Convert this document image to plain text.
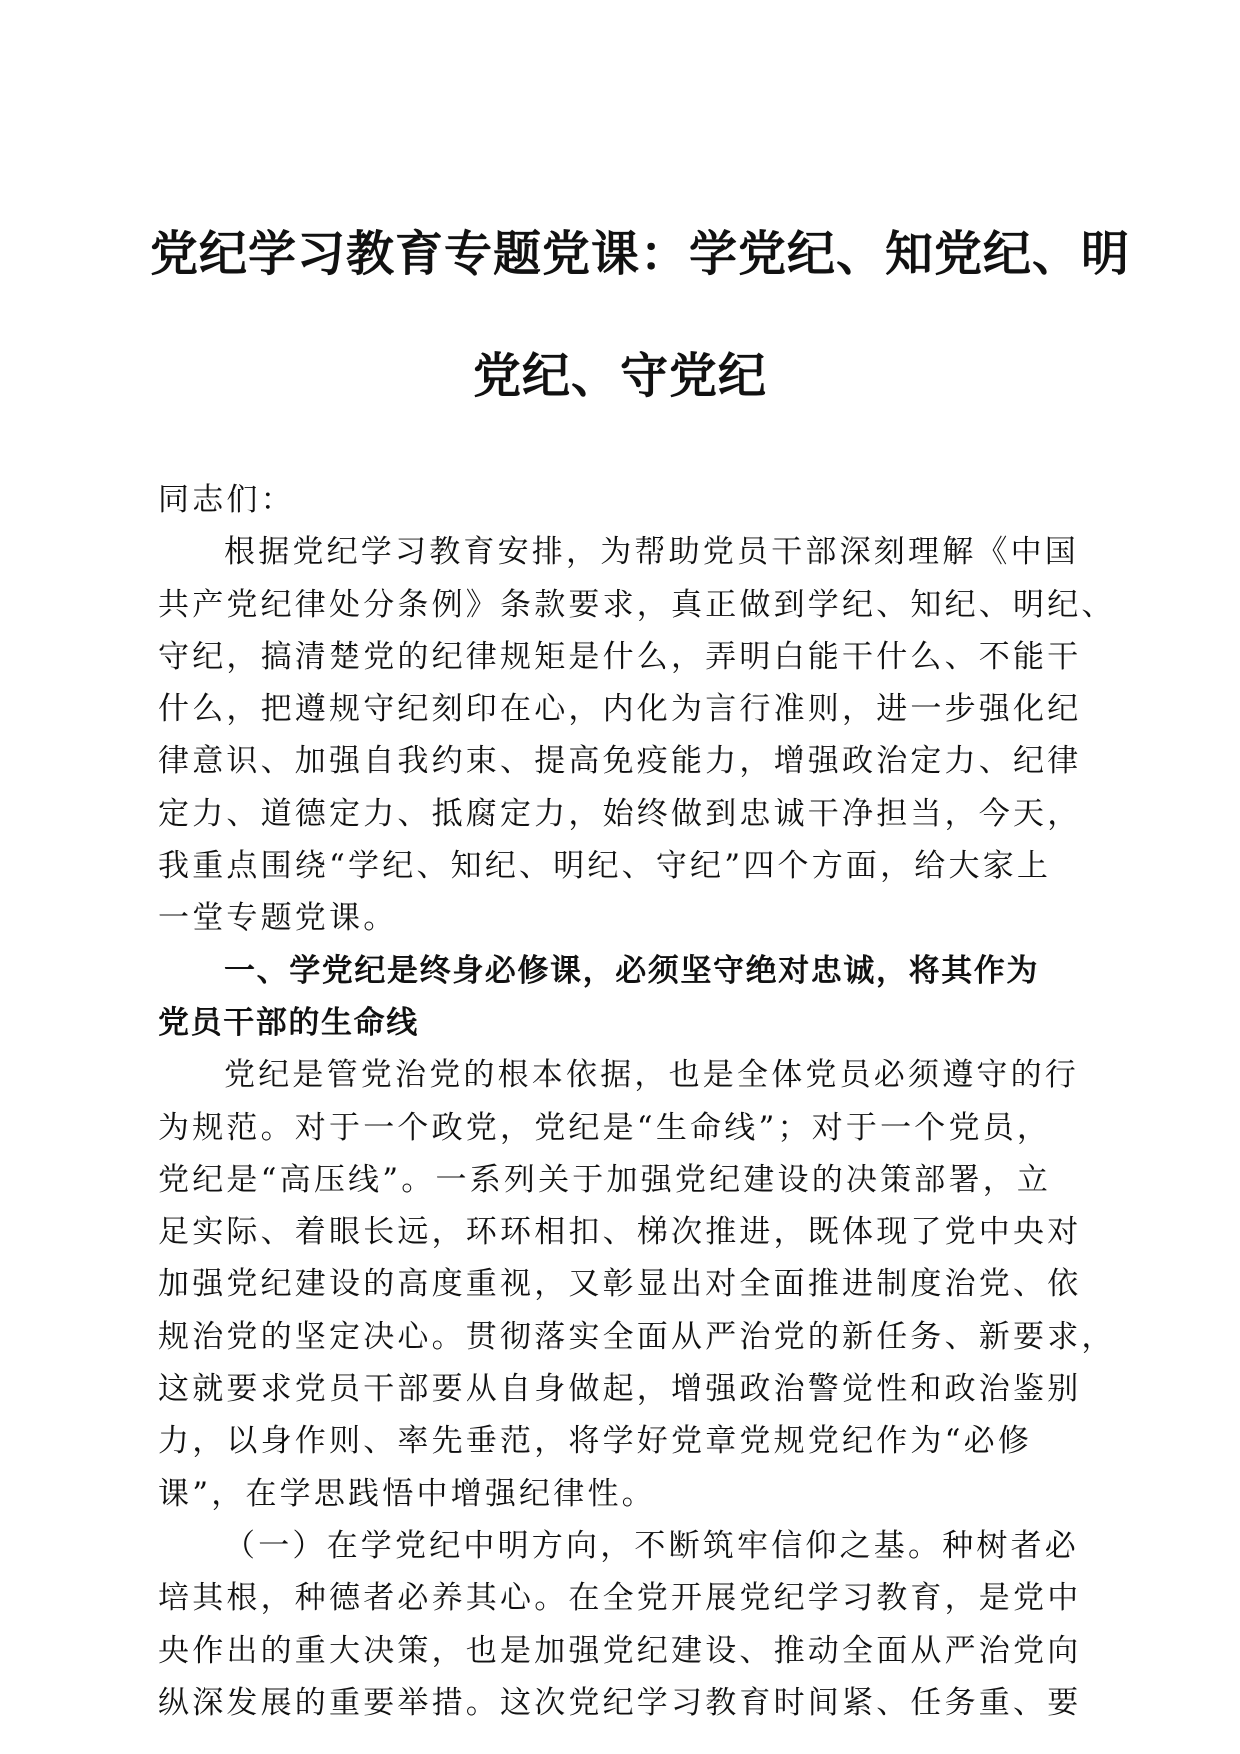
党纪学习教育专题党课：学党纪、知党纪、明
党纪、守党纪
同志们：
根据党纪学习教育安排，为帮助党员干部深刻理解《中国
共产党纪律处分条例》条款要求，真正做到学纪、知纪、明纪、
守纪，搞清楚党的纪律规矩是什么，弄明白能干什么、不能干
什么，把遵规守纪刻印在心，内化为言行准则，进一步强化纪
律意识、加强自我约束、提高免疫能力，增强政治定力、纪律
定力、道德定力、抵腐定力，始终做到忠诚干净担当，今天，
我重点围绕“学纪、知纪、明纪、守纪”四个方面，给大家上
一堂专题党课。
一、学党纪是终身必修课，必须坚守绝对忠诚，将其作为
党员干部的生命线
党纪是管党治党的根本依据，也是全体党员必须遵守的行
为规范。对于一个政党，党纪是“生命线”；对于一个党员，
党纪是“高压线”。一系列关于加强党纪建设的决策部署，立
足实际、着眼长远，环环相扣、梯次推进，既体现了党中央对
加强党纪建设的高度重视，又彰显出对全面推进制度治党、依
规治党的坚定决心。贯彻落实全面从严治党的新任务、新要求，
这就要求党员干部要从自身做起，增强政治警觉性和政治鉴别
力，以身作则、率先垂范，将学好党章党规党纪作为“必修
课”，在学思践悟中增强纪律性。
（一）在学党纪中明方向，不断筑牢信仰之基。种树者必
培其根，种德者必养其心。在全党开展党纪学习教育，是党中
央作出的重大决策，也是加强党纪建设、推动全面从严治党向
纵深发展的重要举措。这次党纪学习教育时间紧、任务重、要
